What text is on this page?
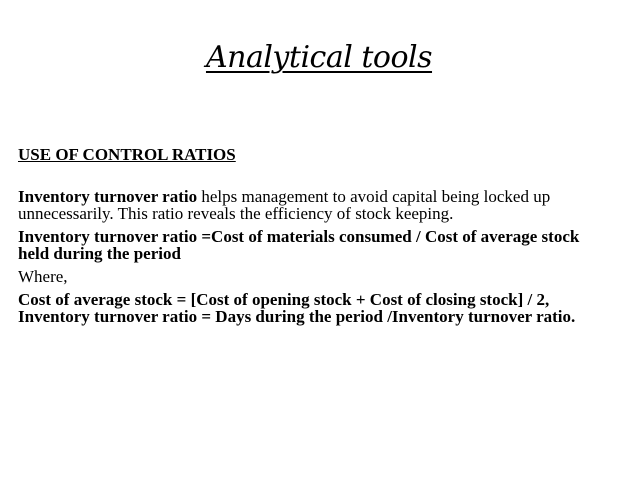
Analytical tools
USE OF CONTROL RATIOS
Inventory turnover ratio helps management to avoid capital being locked up unnecessarily. This ratio reveals the efficiency of stock keeping.
Inventory turnover ratio =Cost of materials consumed / Cost of average stock held during the period
Where,
Cost of average stock = [Cost of opening stock + Cost of closing stock] / 2, Inventory turnover ratio = Days during the period /Inventory turnover ratio.
